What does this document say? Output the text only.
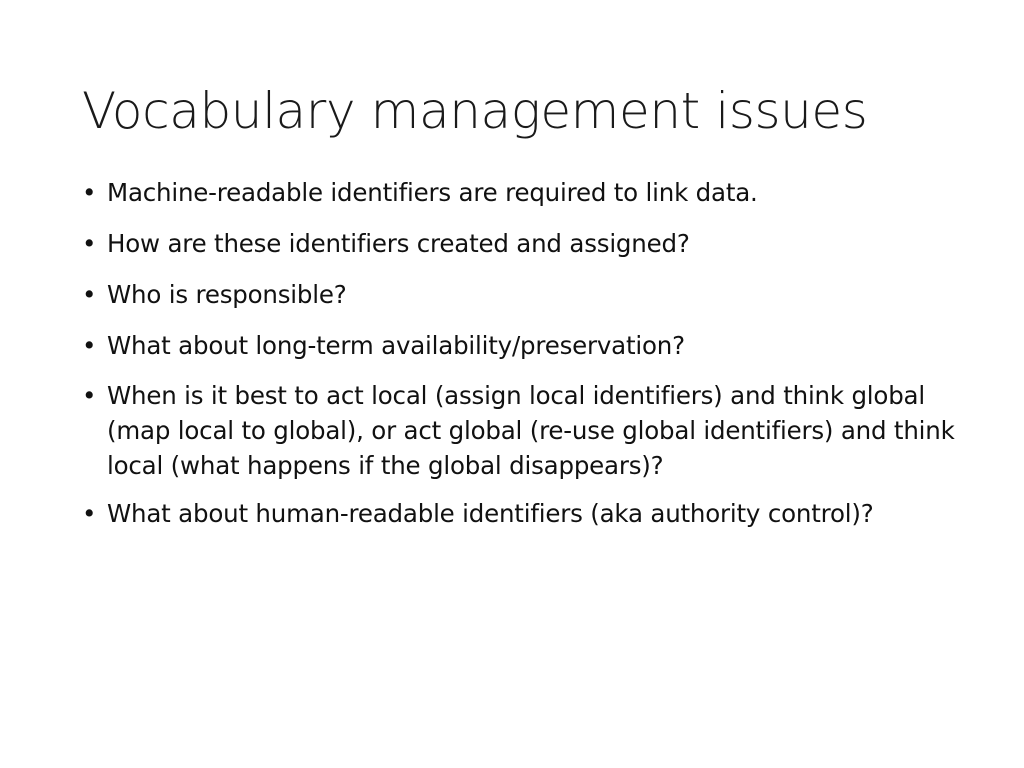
Vocabulary management issues
• Machine-readable identifiers are required to link data.
• How are these identifiers created and assigned?
• Who is responsible?
• What about long-term availability/preservation?
• When is it best to act local (assign local identifiers) and think global (map local to global), or act global (re-use global identifiers) and think local (what happens if the global disappears)?
• What about human-readable identifiers (aka authority control)?
